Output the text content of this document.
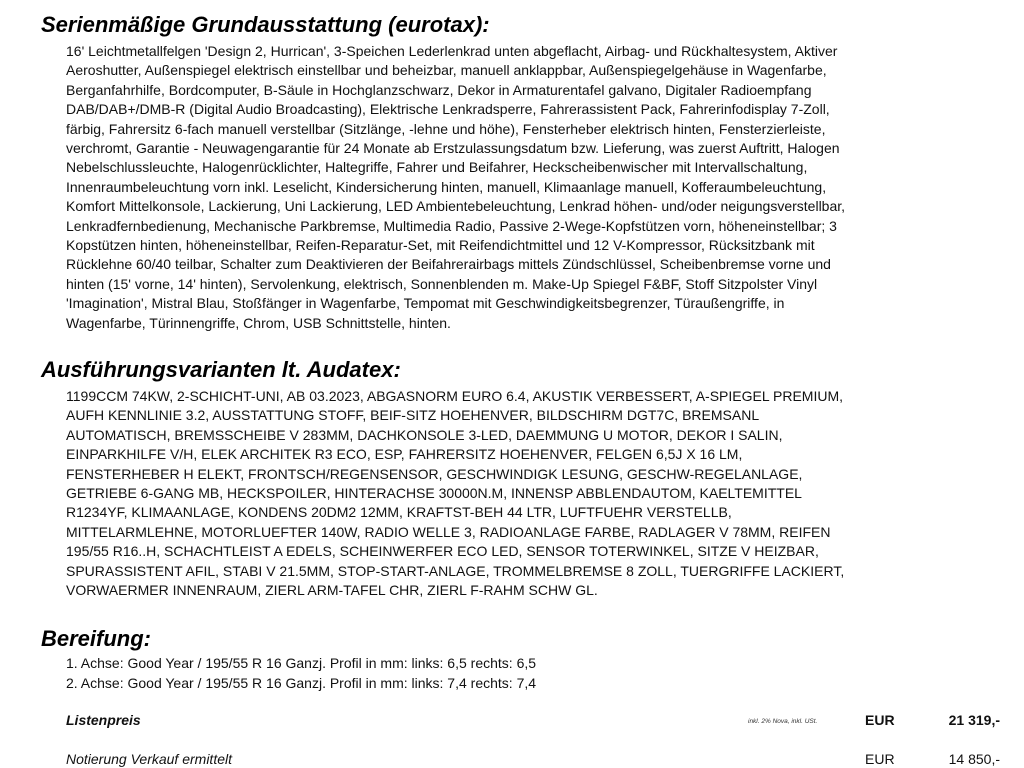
Serienmäßige Grundausstattung (eurotax):
16' Leichtmetallfelgen 'Design 2, Hurrican', 3-Speichen Lederlenkrad unten abgeflacht, Airbag- und Rückhaltesystem, Aktiver
Aeroshutter, Außenspiegel elektrisch einstellbar und beheizbar, manuell anklappbar, Außenspiegelgehäuse in Wagenfarbe,
Berganfahrhilfe, Bordcomputer, B-Säule in Hochglanzschwarz, Dekor in Armaturentafel galvano, Digitaler Radioempfang
DAB/DAB+/DMB-R (Digital Audio Broadcasting), Elektrische Lenkradsperre, Fahrerassistent Pack, Fahrerinfodisplay 7-Zoll,
färbig, Fahrersitz 6-fach manuell verstellbar (Sitzlänge, -lehne und höhe), Fensterheber elektrisch hinten, Fensterzierleiste,
verchromt, Garantie - Neuwagengarantie für 24 Monate ab Erstzulassungsdatum bzw. Lieferung, was zuerst Auftritt, Halogen
Nebelschlussleuchte, Halogenrücklichter, Haltegriffe, Fahrer und Beifahrer, Heckscheibenwischer mit Intervallschaltung,
Innenraumbeleuchtung vorn inkl. Leselicht, Kindersicherung hinten, manuell, Klimaanlage manuell, Kofferaumbeleuchtung,
Komfort Mittelkonsole, Lackierung, Uni Lackierung, LED Ambientebeleuchtung, Lenkrad höhen- und/oder neigungsverstellbar,
Lenkradfernbedienung, Mechanische Parkbremse, Multimedia Radio, Passive 2-Wege-Kopfstützen vorn, höheneinstellbar; 3
Kopstützen hinten, höheneinstellbar, Reifen-Reparatur-Set, mit Reifendichtmittel und 12 V-Kompressor, Rücksitzbank mit
Rücklehne 60/40 teilbar, Schalter zum Deaktivieren der Beifahrerairbags mittels Zündschlüssel, Scheibenbremse vorne und
hinten (15' vorne, 14' hinten), Servolenkung, elektrisch, Sonnenblenden m. Make-Up Spiegel F&BF, Stoff Sitzpolster Vinyl
'Imagination', Mistral Blau, Stoßfänger in Wagenfarbe, Tempomat mit Geschwindigkeitsbegrenzer, Türaußengriffe, in
Wagenfarbe, Türinnengriffe, Chrom, USB Schnittstelle, hinten.
Ausführungsvarianten lt. Audatex:
1199CCM 74KW, 2-SCHICHT-UNI, AB 03.2023, ABGASNORM EURO 6.4, AKUSTIK VERBESSERT, A-SPIEGEL PREMIUM,
AUFH KENNLINIE 3.2, AUSSTATTUNG STOFF, BEIF-SITZ HOEHENVER, BILDSCHIRM DGT7C, BREMSANL
AUTOMATISCH, BREMSSCHEIBE V 283MM, DACHKONSOLE 3-LED, DAEMMUNG U MOTOR, DEKOR I SALIN,
EINPARKHILFE V/H, ELEK ARCHITEK R3 ECO, ESP, FAHRERSITZ HOEHENVER, FELGEN 6,5J X 16 LM,
FENSTERHEBER H ELEKT, FRONTSCH/REGENSENSOR, GESCHWINDIGK LESUNG, GESCHW-REGELANLAGE,
GETRIEBE 6-GANG MB, HECKSPOILER, HINTERACHSE 30000N.M, INNENSP ABBLENDAUTOM, KAELTEMITTEL
R1234YF, KLIMAANLAGE, KONDENS 20DM2 12MM, KRAFTST-BEH 44 LTR, LUFTFUEHR VERSTELLB,
MITTELARMLEHNE, MOTORLUEFTER 140W, RADIO WELLE 3, RADIOANLAGE FARBE, RADLAGER V 78MM, REIFEN
195/55 R16..H, SCHACHTLEIST A EDELS, SCHEINWERFER ECO LED, SENSOR TOTERWINKEL, SITZE V HEIZBAR,
SPURASSISTENT AFIL, STABI V 21.5MM, STOP-START-ANLAGE, TROMMELBREMSE 8 ZOLL, TUERGRIFFE LACKIERT,
VORWAERMER INNENRAUM, ZIERL ARM-TAFEL CHR, ZIERL F-RAHM SCHW GL.
Bereifung:
1. Achse: Good Year / 195/55 R 16 Ganzj. Profil in mm: links: 6,5 rechts: 6,5
2. Achse: Good Year / 195/55 R 16 Ganzj. Profil in mm: links: 7,4 rechts: 7,4
Listenpreis	inkl. 2% Nova, inkl. USt.	EUR	21 319,-
Notierung Verkauf ermittelt	EUR	14 850,-
